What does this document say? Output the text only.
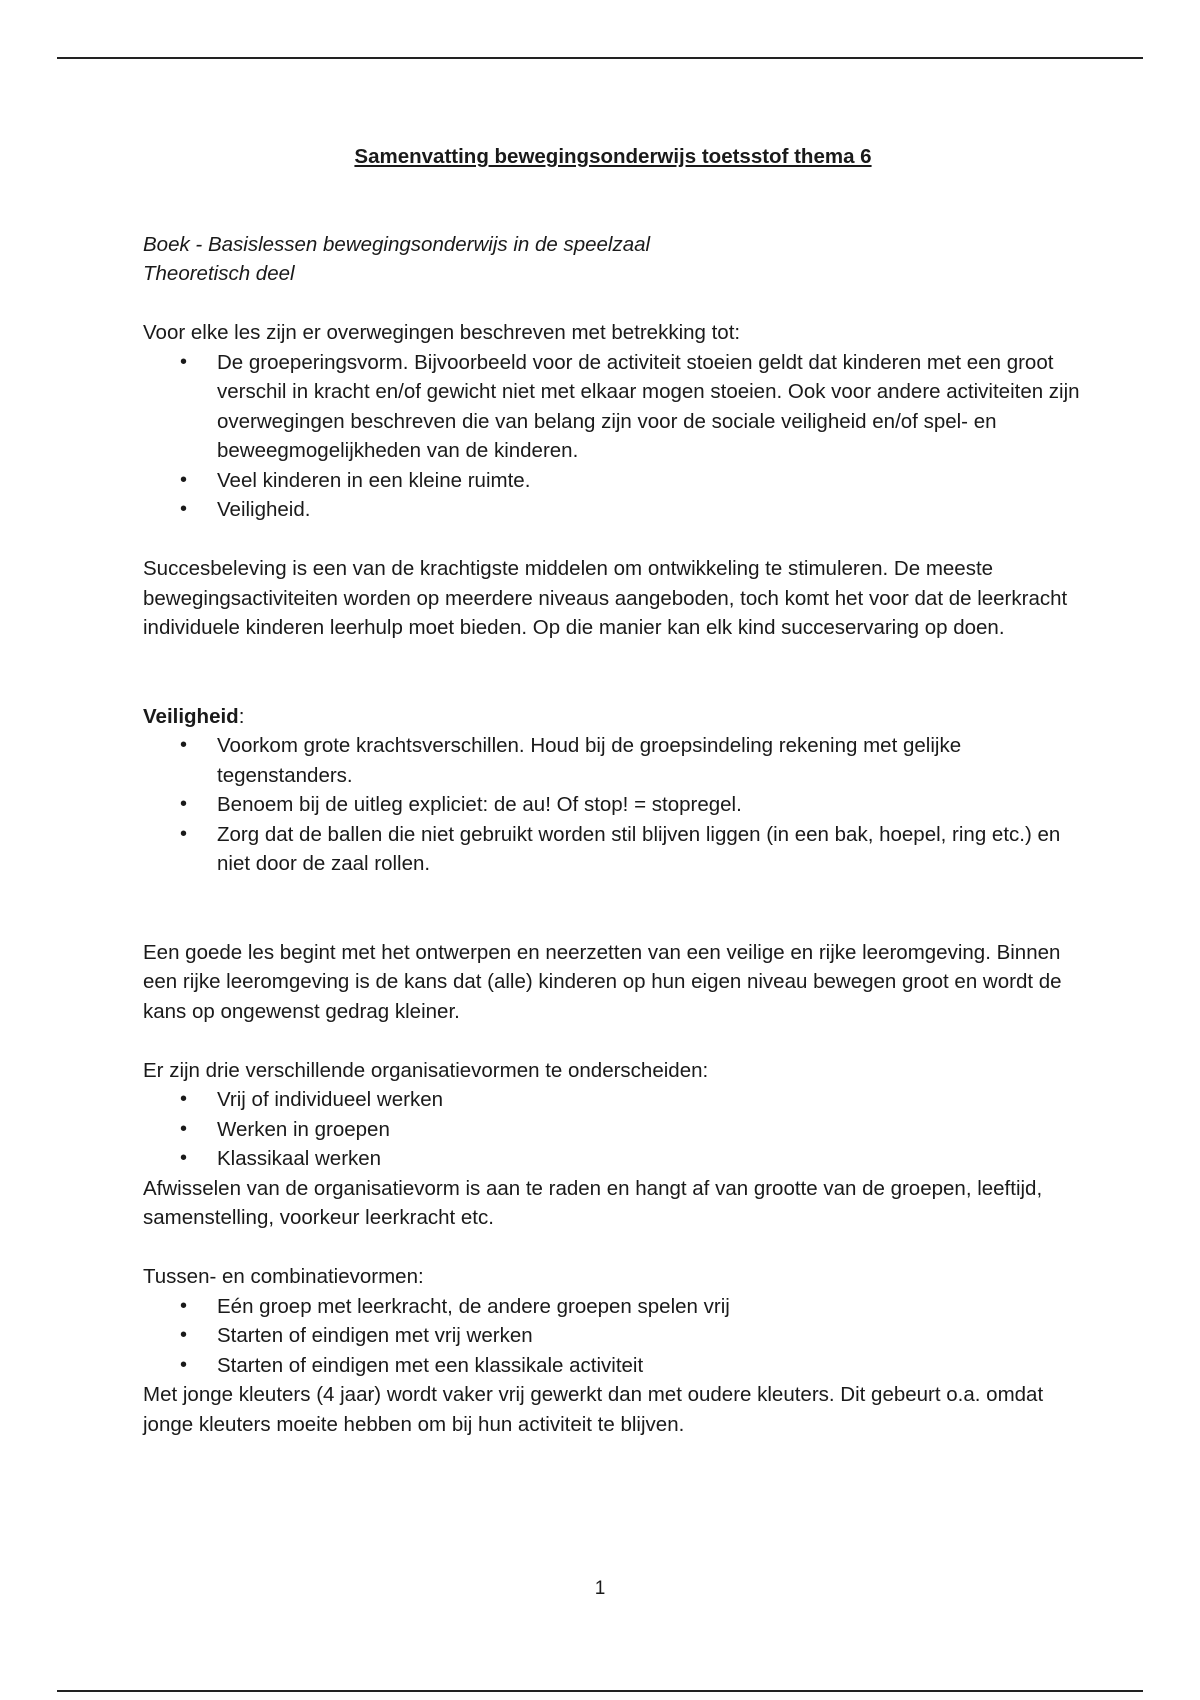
Samenvatting bewegingsonderwijs toetsstof thema 6

Boek - Basislessen bewegingsonderwijs in de speelzaal

Theoretisch deel

Voor elke les zijn er overwegingen beschreven met betrekking tot:

• De groeperingsvorm. Bijvoorbeeld voor de activiteit stoeien geldt dat kinderen met een groot verschil in kracht en/of gewicht niet met elkaar mogen stoeien. Ook voor andere activiteiten zijn overwegingen beschreven die van belang zijn voor de sociale veiligheid en/of spel- en beweegmogelijkheden van de kinderen.
• Veel kinderen in een kleine ruimte.
• Veiligheid.

Succesbeleving is een van de krachtigste middelen om ontwikkeling te stimuleren. De meeste bewegingsactiviteiten worden op meerdere niveaus aangeboden, toch komt het voor dat de leerkracht individuele kinderen leerhulp moet bieden. Op die manier kan elk kind succeservaring op doen.

Veiligheid:

• Voorkom grote krachtsverschillen. Houd bij de groepsindeling rekening met gelijke tegenstanders.
• Benoem bij de uitleg expliciet: de au! Of stop! = stopregel.
• Zorg dat de ballen die niet gebruikt worden stil blijven liggen (in een bak, hoepel, ring etc.) en niet door de zaal rollen.

Een goede les begint met het ontwerpen en neerzetten van een veilige en rijke leeromgeving. Binnen een rijke leeromgeving is de kans dat (alle) kinderen op hun eigen niveau bewegen groot en wordt de kans op ongewenst gedrag kleiner.

Er zijn drie verschillende organisatievormen te onderscheiden:

• Vrij of individueel werken
• Werken in groepen
• Klassikaal werken

Afwisselen van de organisatievorm is aan te raden en hangt af van grootte van de groepen, leeftijd, samenstelling, voorkeur leerkracht etc.

Tussen- en combinatievormen:

• Eén groep met leerkracht, de andere groepen spelen vrij
• Starten of eindigen met vrij werken
• Starten of eindigen met een klassikale activiteit

Met jonge kleuters (4 jaar) wordt vaker vrij gewerkt dan met oudere kleuters. Dit gebeurt o.a. omdat jonge kleuters moeite hebben om bij hun activiteit te blijven.

1
